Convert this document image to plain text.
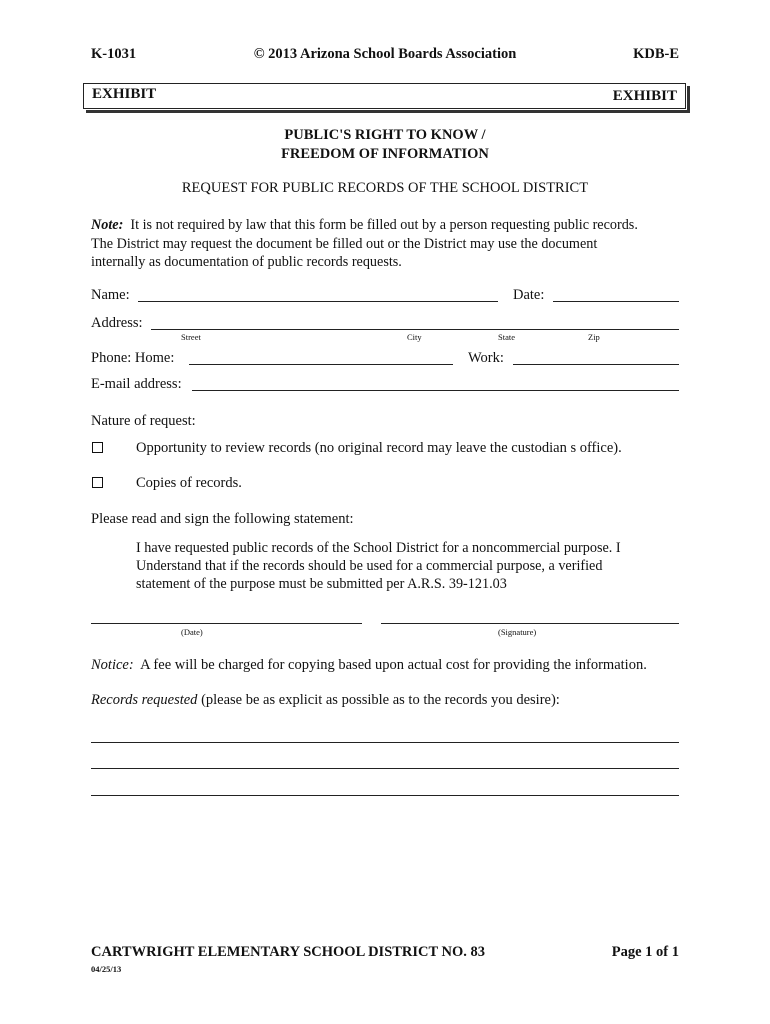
K-1031	© 2013 Arizona School Boards Association	KDB-E
EXHIBIT	EXHIBIT
PUBLIC'S RIGHT TO KNOW /
FREEDOM OF INFORMATION
REQUEST FOR PUBLIC RECORDS OF THE SCHOOL DISTRICT
Note: It is not required by law that this form be filled out by a person requesting public records.
The District may request the document be filled out or the District may use the document
internally as documentation of public records requests.
Name:	Date:
Address:
Street	City	State	Zip
Phone: Home:	Work:
E-mail address:
Nature of request:
Opportunity to review records (no original record may leave the custodian s office).
Copies of records.
Please read and sign the following statement:
I have requested public records of the School District for a noncommercial purpose. I
Understand that if the records should be used for a commercial purpose, a verified
statement of the purpose must be submitted per A.R.S. 39-121.03
(Date)	(Signature)
Notice: A fee will be charged for copying based upon actual cost for providing the information.
Records requested (please be as explicit as possible as to the records you desire):
CARTWRIGHT ELEMENTARY SCHOOL DISTRICT NO. 83	Page 1 of 1
04/25/13
